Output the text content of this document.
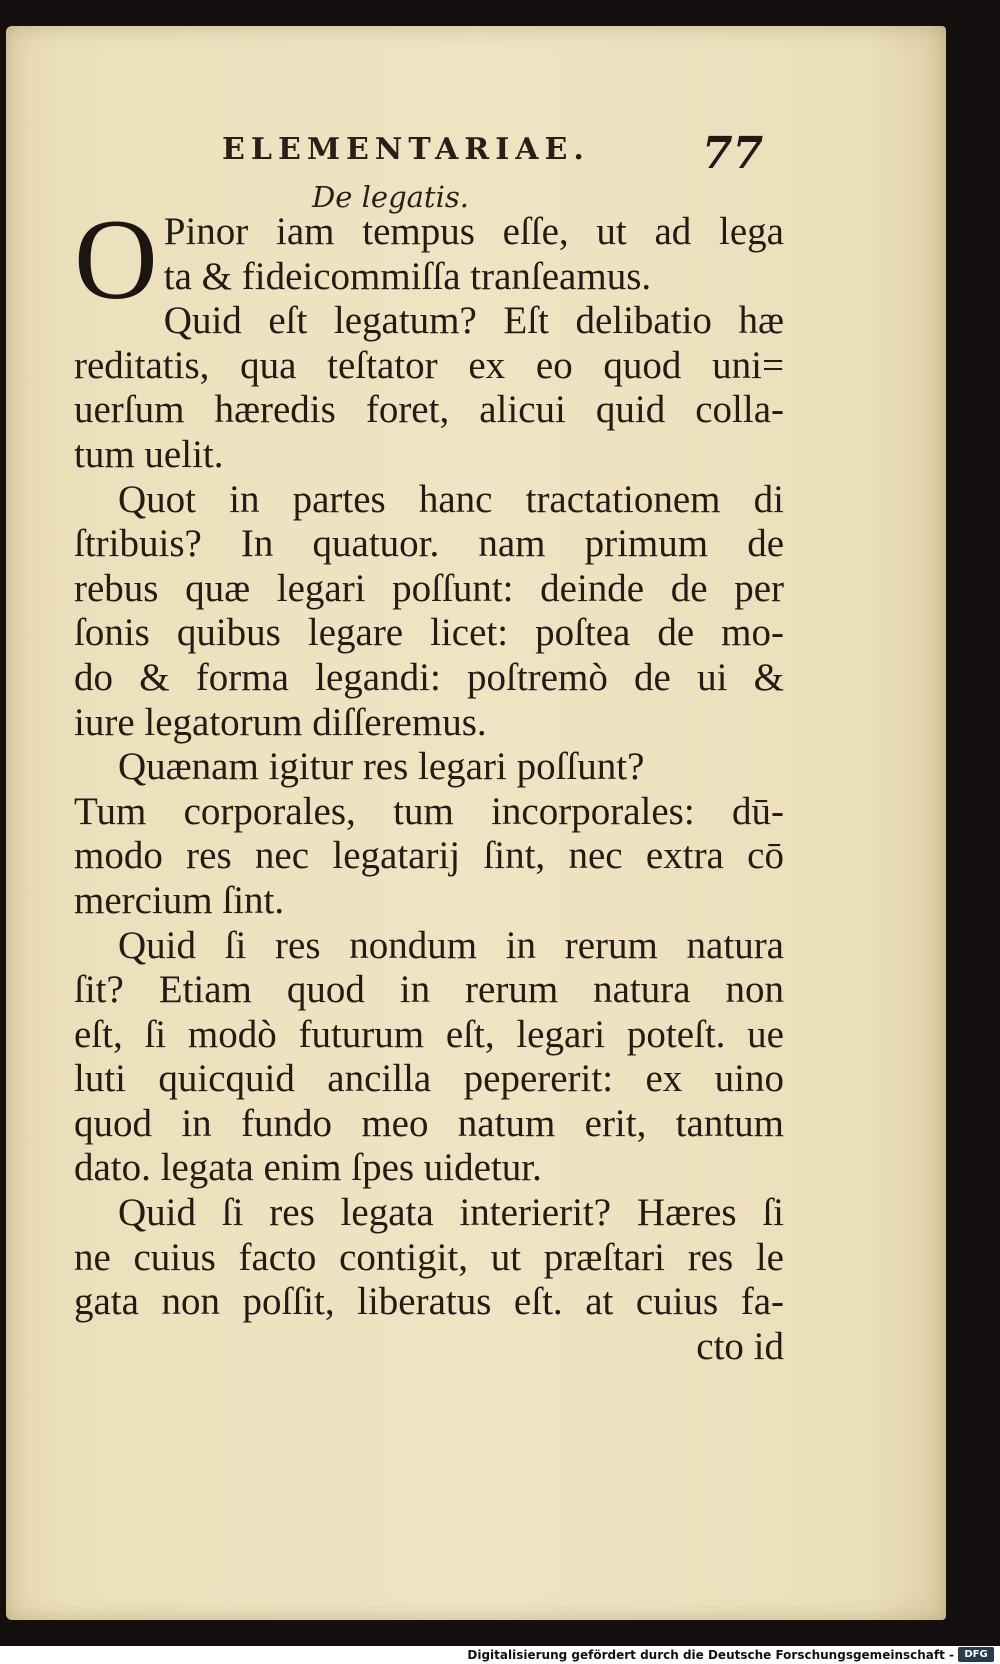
ELEMENTARIAE.	77
De legatis.
O Pinor iam tempus eſſe, ut ad lega
ta & fideicommiſſa tranſeamus.
Quid eſt legatum? Eſt delibatio hæ
reditatis, qua teſtator ex eo quod uni=
uerſum hæredis foret, alicui quid colla-
tum uelit.
Quot in partes hanc tractationem di
ſtribuis? In quatuor. nam primum de
rebus quæ legari poſſunt: deinde de per
ſonis quibus legare licet: poſtea de mo-
do & forma legandi: poſtremò de ui &
iure legatorum diſſeremus.
Quænam igitur res legari poſſunt?
Tum corporales, tum incorporales: dū-
modo res nec legatarij ſint, nec extra cō
mercium ſint.
Quid ſi res nondum in rerum natura
ſit? Etiam quod in rerum natura non
eſt, ſi modò futurum eſt, legari poteſt. ue
luti quicquid ancilla pepererit: ex uino
quod in fundo meo natum erit, tantum
dato. legata enim ſpes uidetur.
Quid ſi res legata interierit? Hæres ſi
ne cuius facto contigit, ut præſtari res le
gata non poſſit, liberatus eſt. at cuius fa-
cto id
Digitalisierung gefördert durch die Deutsche Forschungsgemeinschaft -	DFG
